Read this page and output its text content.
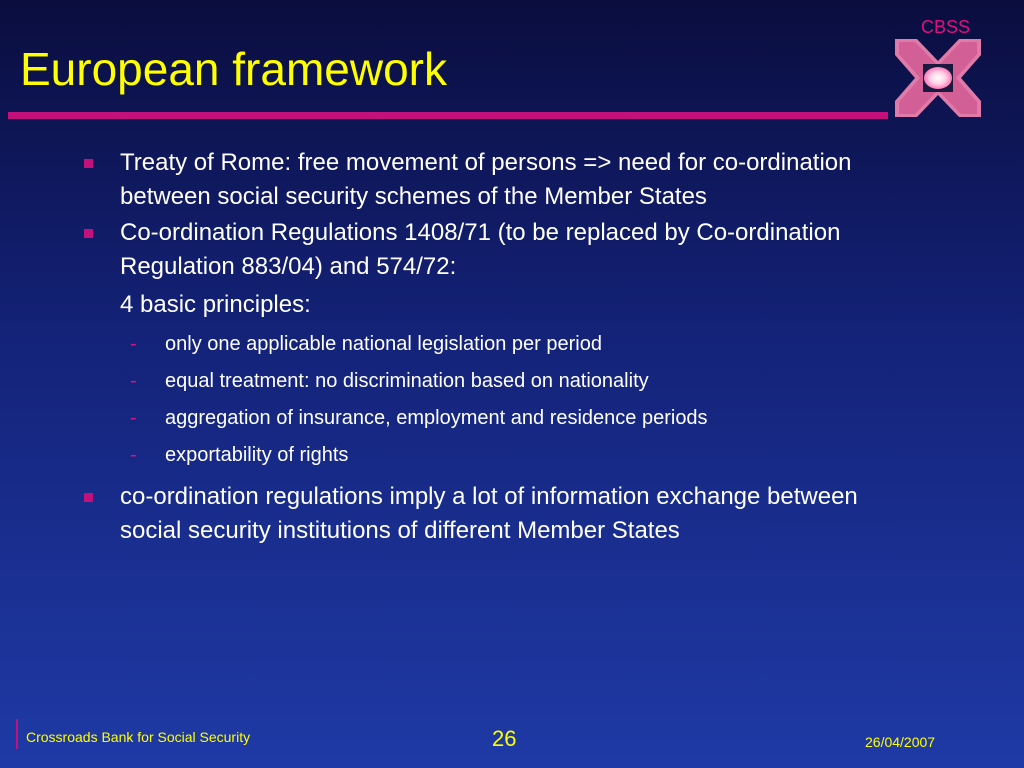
European framework
CBSS
Treaty of Rome: free movement of persons => need for co-ordination between social security schemes of the Member States
Co-ordination Regulations 1408/71 (to be replaced by Co-ordination Regulation 883/04) and 574/72:
4 basic principles:
- only one applicable national legislation per period
- equal treatment: no discrimination based on nationality
- aggregation of insurance, employment and residence periods
- exportability of rights
co-ordination regulations imply a lot of information exchange between social security institutions of different Member States
Crossroads Bank for Social Security	26	26/04/2007
